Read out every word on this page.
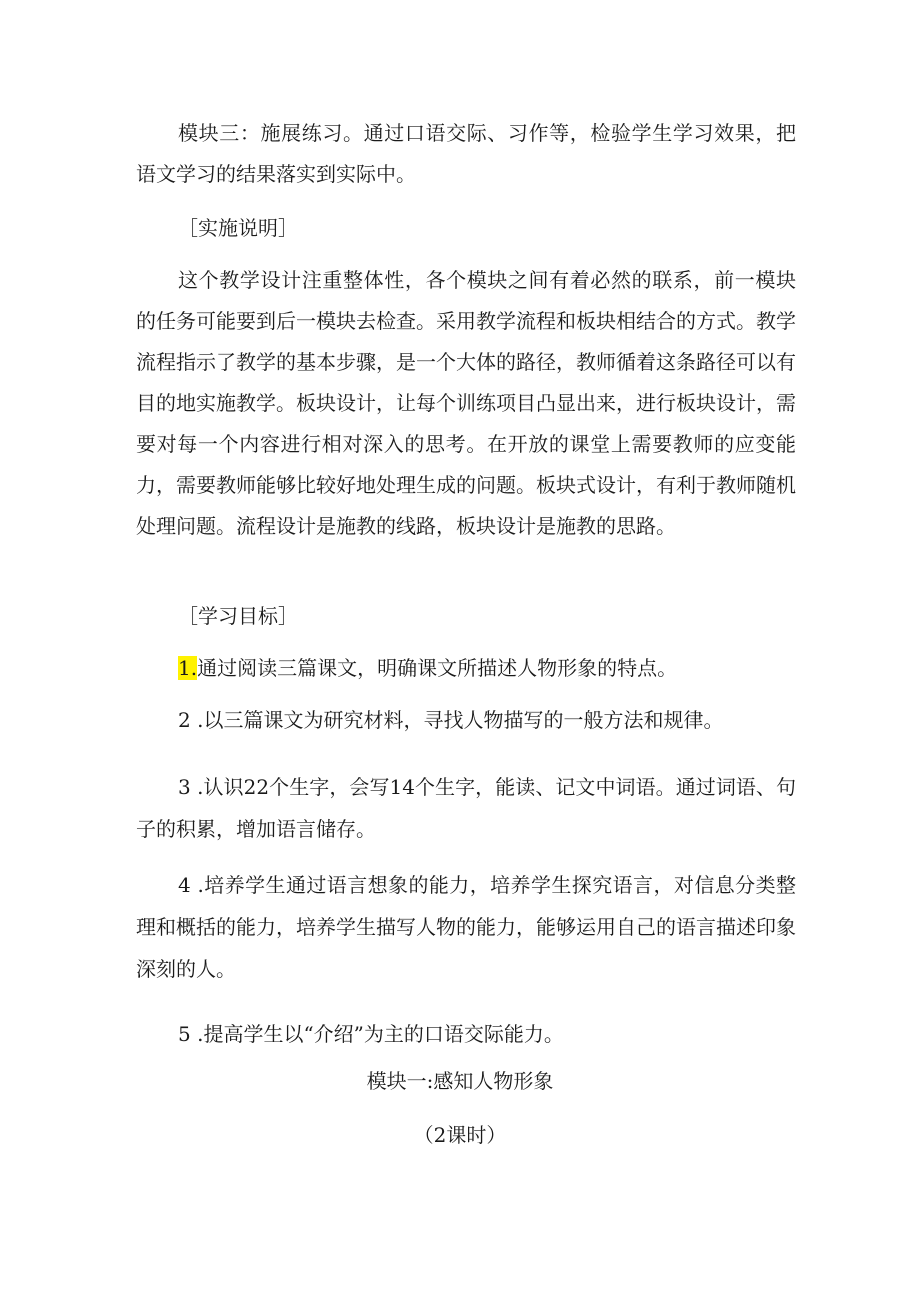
模块三：施展练习。通过口语交际、习作等，检验学生学习效果，把语文学习的结果落实到实际中。

［实施说明］

这个教学设计注重整体性，各个模块之间有着必然的联系，前一模块的任务可能要到后一模块去检查。采用教学流程和板块相结合的方式。教学流程指示了教学的基本步骤，是一个大体的路径，教师循着这条路径可以有目的地实施教学。板块设计，让每个训练项目凸显出来，进行板块设计，需要对每一个内容进行相对深入的思考。在开放的课堂上需要教师的应变能力，需要教师能够比较好地处理生成的问题。板块式设计，有利于教师随机处理问题。流程设计是施教的线路，板块设计是施教的思路。

［学习目标］

1.通过阅读三篇课文，明确课文所描述人物形象的特点。

2 .以三篇课文为研究材料，寻找人物描写的一般方法和规律。

3 .认识22个生字，会写14个生字，能读、记文中词语。通过词语、句子的积累，增加语言储存。

4 .培养学生通过语言想象的能力，培养学生探究语言，对信息分类整理和概括的能力，培养学生描写人物的能力，能够运用自己的语言描述印象深刻的人。

5 .提高学生以“介绍”为主的口语交际能力。

模块一:感知人物形象

（2课时）
